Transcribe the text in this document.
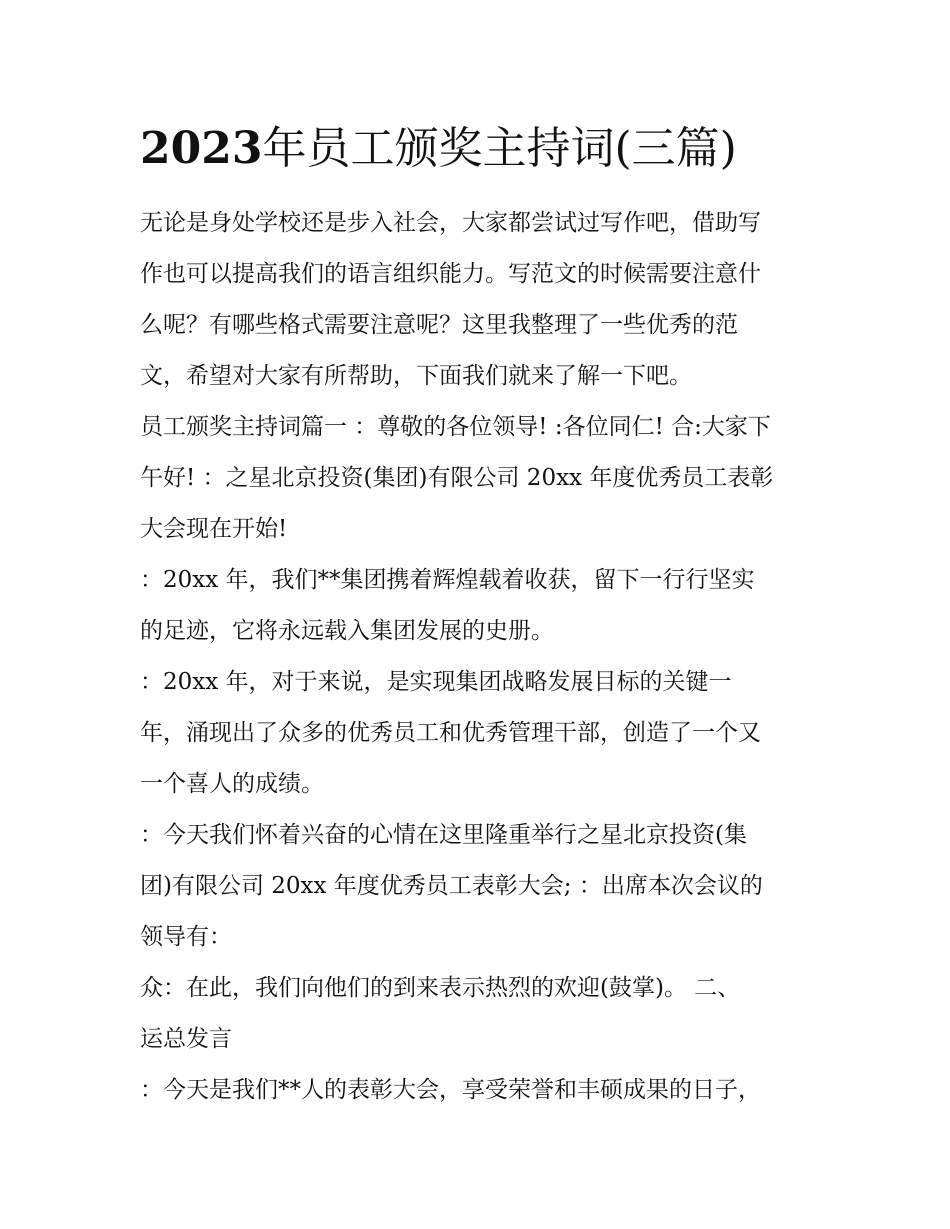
2023年员工颁奖主持词(三篇)
无论是身处学校还是步入社会，大家都尝试过写作吧，借助写
作也可以提高我们的语言组织能力。写范文的时候需要注意什
么呢？有哪些格式需要注意呢？这里我整理了一些优秀的范
文，希望对大家有所帮助，下面我们就来了解一下吧。
员工颁奖主持词篇一 ：尊敬的各位领导! :各位同仁! 合:大家下
午好! ：之星北京投资(集团)有限公司 20xx 年度优秀员工表彰
大会现在开始!
：20xx 年，我们**集团携着辉煌载着收获，留下一行行坚实
的足迹，它将永远载入集团发展的史册。
：20xx 年，对于来说，是实现集团战略发展目标的关键一
年，涌现出了众多的优秀员工和优秀管理干部，创造了一个又
一个喜人的成绩。
：今天我们怀着兴奋的心情在这里隆重举行之星北京投资(集
团)有限公司 20xx 年度优秀员工表彰大会; ：出席本次会议的
领导有：
众：在此，我们向他们的到来表示热烈的欢迎(鼓掌)。 二、
运总发言
：今天是我们**人的表彰大会，享受荣誉和丰硕成果的日子，
